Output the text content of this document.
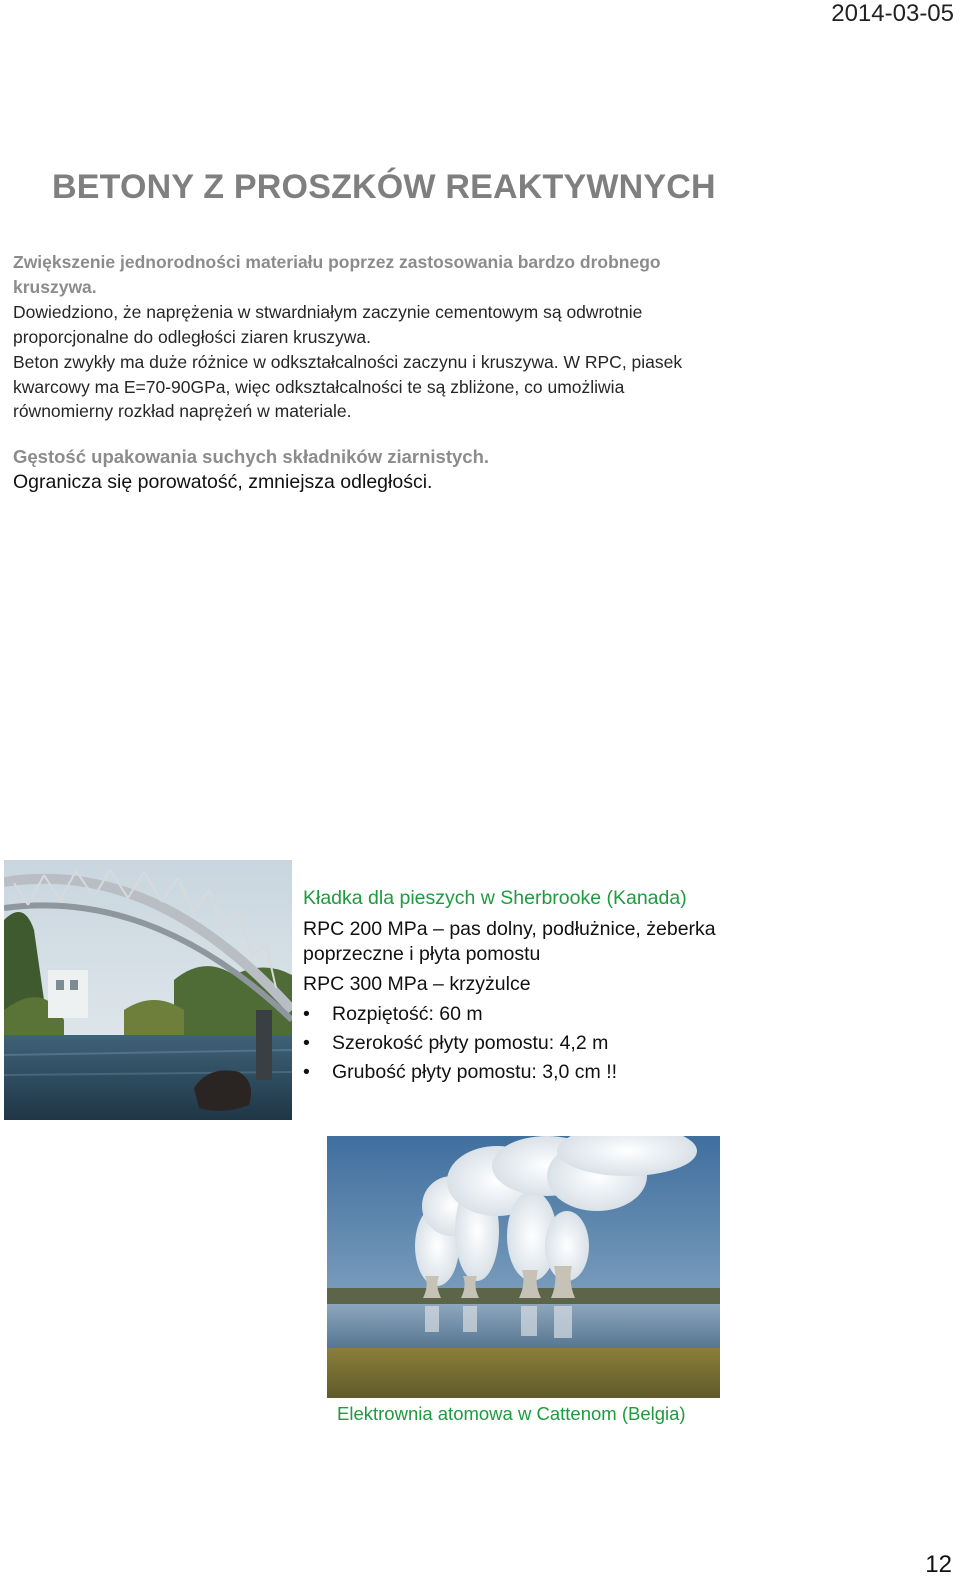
2014-03-05
BETONY Z PROSZKÓW REAKTYWNYCH
Zwiększenie jednorodności materiału poprzez zastosowania bardzo drobnego kruszywa.
Dowiedziono, że naprężenia w stwardniałym zaczynie cementowym są odwrotnie proporcjonalne do odległości ziaren kruszywa.
Beton zwykły ma duże różnice w odkształcalności zaczynu i kruszywa. W RPC, piasek kwarcowy ma E=70-90GPa, więc odkształcalności te są zbliżone, co umożliwia równomierny rozkład naprężeń w materiale.
Gęstość upakowania suchych składników ziarnistych.
Ogranicza się porowatość, zmniejsza odległości.
Kładka dla pieszych w Sherbrooke (Kanada)
RPC 200 MPa – pas dolny, podłużnice, żeberka poprzeczne i płyta pomostu
RPC 300 MPa – krzyżulce
• Rozpiętość: 60 m
• Szerokość płyty pomostu: 4,2 m
• Grubość płyty pomostu: 3,0 cm !!
Elektrownia atomowa w Cattenom (Belgia)
12
